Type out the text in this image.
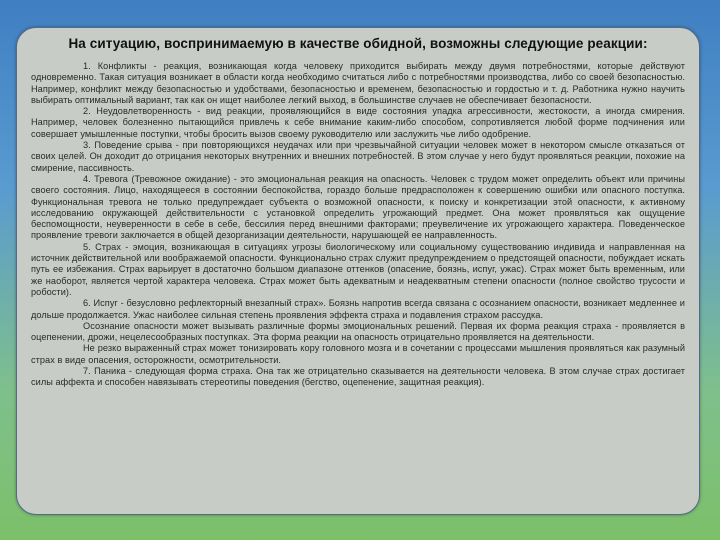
На ситуацию, воспринимаемую в качестве обидной, возможны следующие реакции:

1. Конфликты - реакция, возникающая когда человеку приходится выбирать между двумя потребностями, которые действуют одновременно. Такая ситуация возникает в области когда необходимо считаться либо с потребностями производства, либо со своей безопасностью. Например, конфликт между безопасностью и удобствами, безопасностью и временем, безопасностью и гордостью и т. д. Работника нужно научить выбирать оптимальный вариант, так как он ищет наиболее легкий выход, в большинстве случаев не обеспечивает безопасности.

2. Неудовлетворенность - вид реакции, проявляющийся в виде состояния упадка агрессивности, жестокости, а иногда смирения. Например, человек болезненно пытающийся привлечь к себе внимание каким-либо способом, сопротивляется любой форме подчинения или совершает умышленные поступки, чтобы бросить вызов своему руководителю или заслужить чье либо одобрение.

3. Поведение срыва - при повторяющихся неудачах или при чрезвычайной ситуации человек может в некотором смысле отказаться от своих целей. Он доходит до отрицания некоторых внутренних и внешних потребностей. В этом случае у него будут проявляться реакции, похожие на смирение, пассивность.

4. Тревога (Тревожное ожидание) - это эмоциональная реакция на опасность. Человек с трудом может определить объект или причины своего состояния. Лицо, находящееся в состоянии беспокойства, гораздо больше предрасположен к совершению ошибки или опасного поступка. Функциональная тревога не только предупреждает субъекта о возможной опасности, к поиску и конкретизации этой опасности, к активному исследованию окружающей действительности с установкой определить угрожающий предмет. Она может проявляться как ощущение беспомощности, неуверенности в себе в себе, бессилия перед внешними факторами; преувеличение их угрожающего характера. Поведенческое проявление тревоги заключается в общей дезорганизации деятельности, нарушающей ее направленность.

5. Страх - эмоция, возникающая в ситуациях угрозы биологическому или социальному существованию индивида и направленная на источник действительной или воображаемой опасности. Функционально страх служит предупреждением о предстоящей опасности, побуждает искать путь ее избежания. Страх варьирует в достаточно большом диапазоне оттенков (опасение, боязнь, испуг, ужас). Страх может быть временным, или же наоборот, является чертой характера человека. Страх может быть адекватным и неадекватным степени опасности (полное свойство трусости и робости).

6. Испуг - безусловно рефлекторный внезапный страх». Боязнь напротив всегда связана с осознанием опасности, возникает медленнее и дольше продолжается. Ужас наиболее сильная степень проявления эффекта страха и подавления страхом рассудка.

Осознание опасности может вызывать различные формы эмоциональных решений. Первая их форма реакция страха - проявляется в оцепенении, дрожи, нецелесообразных поступках. Эта форма реакции на опасность отрицательно проявляется на деятельности.

Не резко выраженный страх может тонизировать кору головного мозга и в сочетании с процессами мышления проявляться как разумный страх в виде опасения, осторожности, осмотрительности.

7. Паника - следующая форма страха. Она так же отрицательно сказывается на деятельности человека. В этом случае страх достигает силы аффекта и способен навязывать стереотипы поведения (бегство, оцепенение, защитная реакция).
